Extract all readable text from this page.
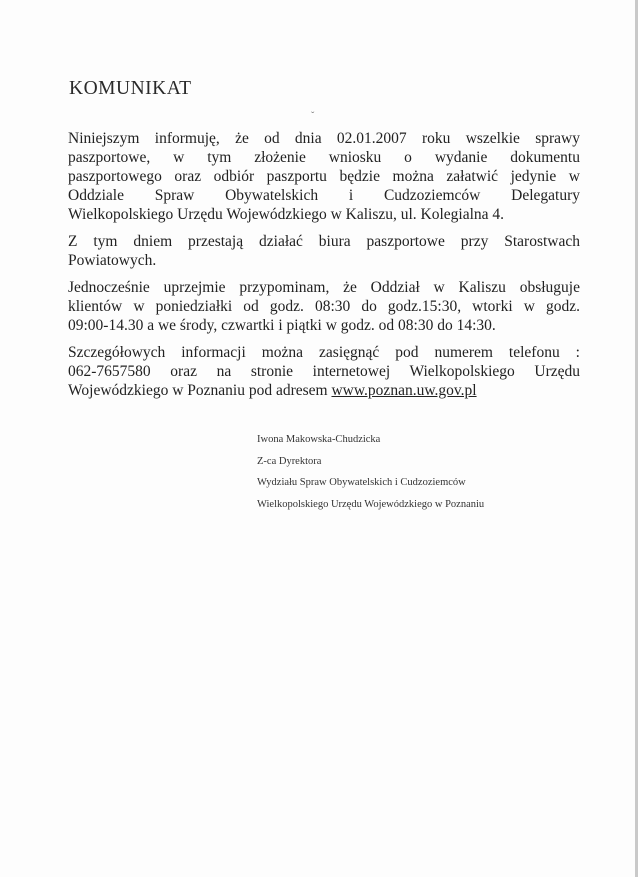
KOMUNIKAT
ˇ

Niniejszym informuję, że od dnia 02.01.2007 roku wszelkie sprawy
paszportowe, w tym złożenie wniosku o wydanie dokumentu
paszportowego oraz odbiór paszportu będzie można załatwić jedynie w
Oddziale Spraw Obywatelskich i Cudzoziemców Delegatury
Wielkopolskiego Urzędu Wojewódzkiego w Kaliszu, ul. Kolegialna 4.

Z tym dniem przestają działać biura paszportowe przy Starostwach
Powiatowych.

Jednocześnie uprzejmie przypominam, że Oddział w Kaliszu obsługuje
klientów w poniedziałki od godz. 08:30 do godz.15:30, wtorki w godz.
09:00-14.30 a we środy, czwartki i piątki w godz. od 08:30 do 14:30.

Szczegółowych informacji można zasięgnąć pod numerem telefonu :
062-7657580 oraz na stronie internetowej Wielkopolskiego Urzędu
Wojewódzkiego w Poznaniu pod adresem www.poznan.uw.gov.pl

Iwona Makowska-Chudzicka
Z-ca Dyrektora
Wydziału Spraw Obywatelskich i Cudzoziemców
Wielkopolskiego Urzędu Wojewódzkiego w Poznaniu
